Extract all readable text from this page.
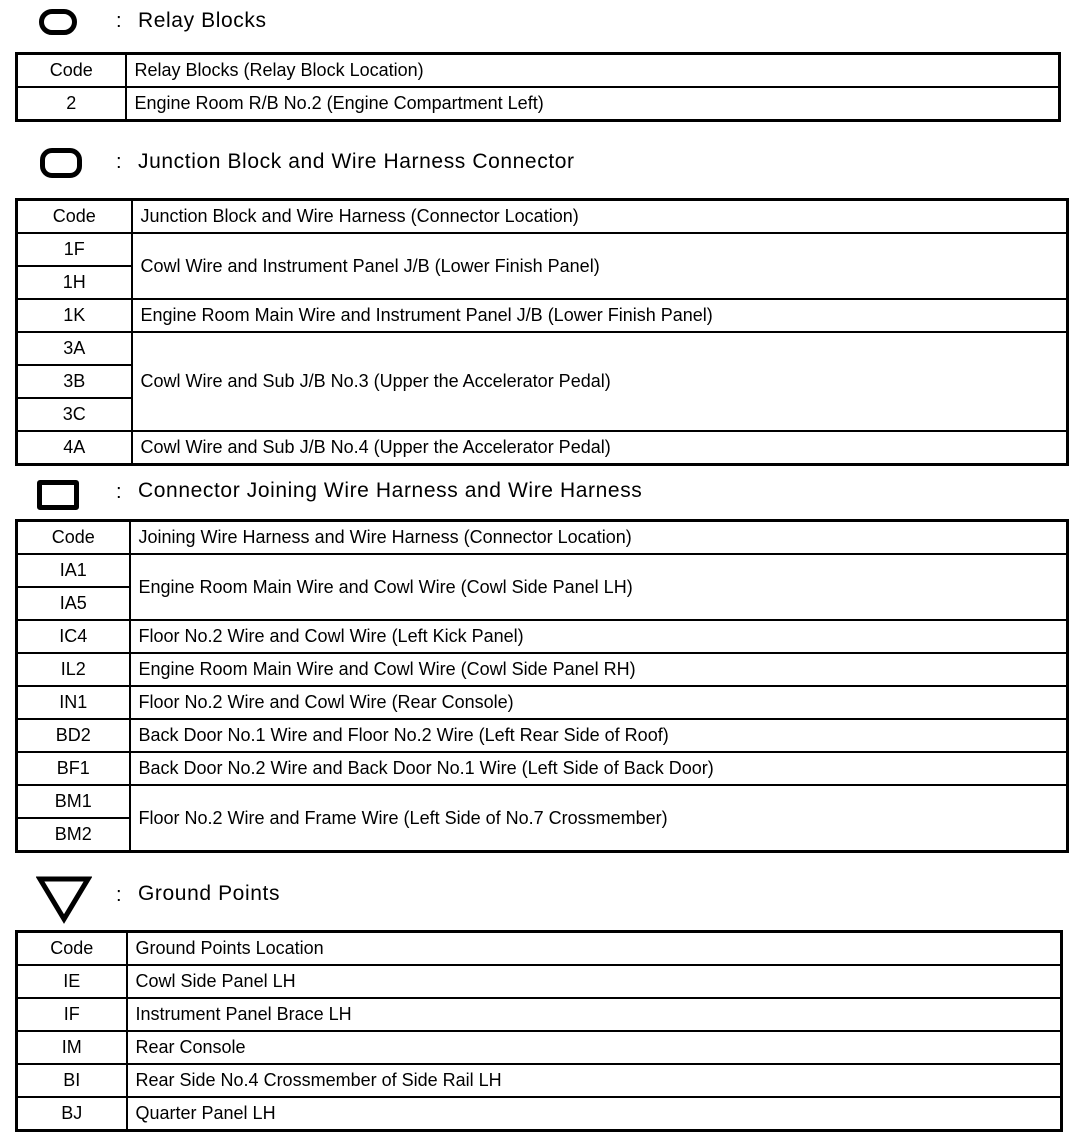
: Relay Blocks
Code	Relay Blocks (Relay Block Location)
2	Engine Room R/B No.2 (Engine Compartment Left)
: Junction Block and Wire Harness Connector
Code	Junction Block and Wire Harness (Connector Location)
1F	Cowl Wire and Instrument Panel J/B (Lower Finish Panel)
1H	
1K	Engine Room Main Wire and Instrument Panel J/B (Lower Finish Panel)
3A	Cowl Wire and Sub J/B No.3 (Upper the Accelerator Pedal)
3B	
3C	
4A	Cowl Wire and Sub J/B No.4 (Upper the Accelerator Pedal)
: Connector Joining Wire Harness and Wire Harness
Code	Joining Wire Harness and Wire Harness (Connector Location)
IA1	Engine Room Main Wire and Cowl Wire (Cowl Side Panel LH)
IA5	
IC4	Floor No.2 Wire and Cowl Wire (Left Kick Panel)
IL2	Engine Room Main Wire and Cowl Wire (Cowl Side Panel RH)
IN1	Floor No.2 Wire and Cowl Wire (Rear Console)
BD2	Back Door No.1 Wire and Floor No.2 Wire (Left Rear Side of Roof)
BF1	Back Door No.2 Wire and Back Door No.1 Wire (Left Side of Back Door)
BM1	Floor No.2 Wire and Frame Wire (Left Side of No.7 Crossmember)
BM2	
: Ground Points
Code	Ground Points Location
IE	Cowl Side Panel LH
IF	Instrument Panel Brace LH
IM	Rear Console
BI	Rear Side No.4 Crossmember of Side Rail LH
BJ	Quarter Panel LH
